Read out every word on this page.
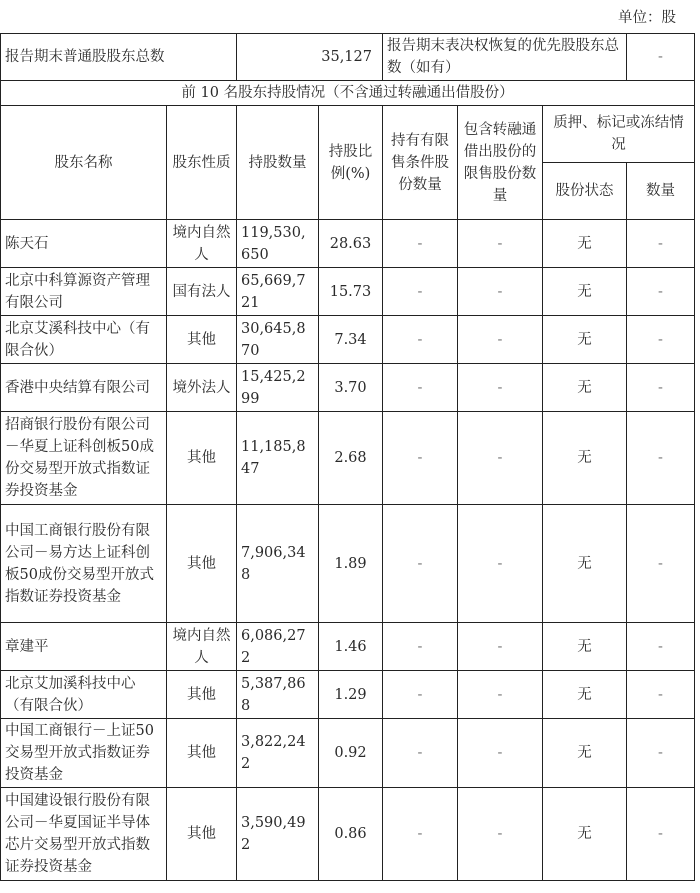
单位：股
报告期末普通股股东总数		35,127		报告期末表决权恢复的优先股股东总数（如有）			-
前 10 名股东持股情况（不含通过转融通出借股份）							
股东名称	股东性质	持股数量	持股比例(%)	持有有限售条件股份数量	包含转融通借出股份的限售股份数量	质押、标记或冻结情况	
						股份状态	数量
陈天石	境内自然人	119,530,650	28.63	-	-	无	-
北京中科算源资产管理有限公司	国有法人	65,669,721	15.73	-	-	无	-
北京艾溪科技中心（有限合伙）	其他	30,645,870	7.34	-	-	无	-
香港中央结算有限公司	境外法人	15,425,299	3.70	-	-	无	-
招商银行股份有限公司－华夏上证科创板50成份交易型开放式指数证券投资基金	其他	11,185,847	2.68	-	-	无	-
中国工商银行股份有限公司－易方达上证科创板50成份交易型开放式指数证券投资基金	其他	7,906,348	1.89	-	-	无	-
章建平	境内自然人	6,086,272	1.46	-	-	无	-
北京艾加溪科技中心（有限合伙）	其他	5,387,868	1.29	-	-	无	-
中国工商银行－上证50交易型开放式指数证券投资基金	其他	3,822,242	0.92	-	-	无	-
中国建设银行股份有限公司－华夏国证半导体芯片交易型开放式指数证券投资基金	其他	3,590,492	0.86	-	-	无	-
